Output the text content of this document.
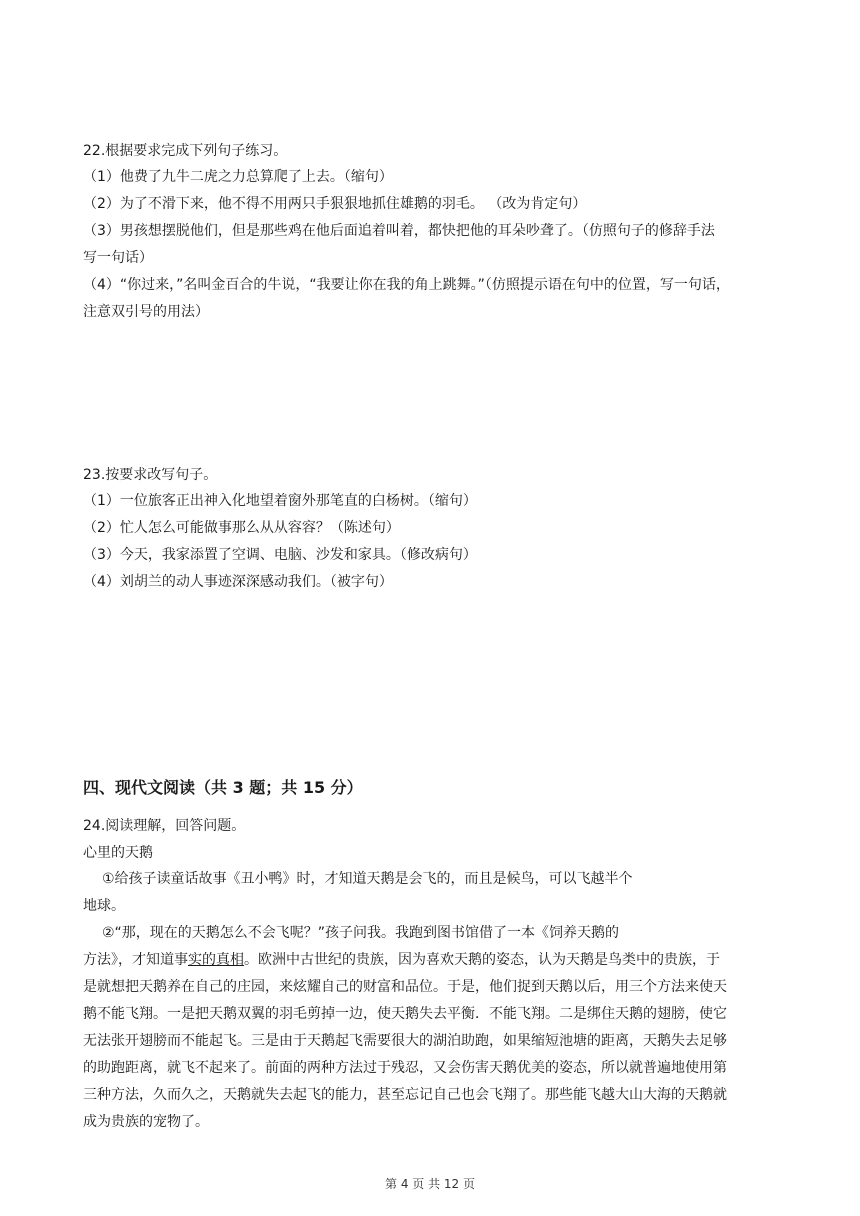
22.根据要求完成下列句子练习。
（1）他费了九牛二虎之力总算爬了上去。（缩句）
（2）为了不滑下来，他不得不用两只手狠狠地抓住雄鹅的羽毛。 （改为肯定句）
（3）男孩想摆脱他们，但是那些鸡在他后面追着叫着，都快把他的耳朵吵聋了。（仿照句子的修辞手法
写一句话）
（4）“你过来，”名叫金百合的牛说，“我要让你在我的角上跳舞。”（仿照提示语在句中的位置，写一句话，
注意双引号的用法）
23.按要求改写句子。
（1）一位旅客正出神入化地望着窗外那笔直的白杨树。（缩句）
（2）忙人怎么可能做事那么从从容容？（陈述句）
（3）今天，我家添置了空调、电脑、沙发和家具。（修改病句）
（4）刘胡兰的动人事迹深深感动我们。（被字句）
四、现代文阅读（共 3 题；共 15 分）
24.阅读理解，回答问题。
心里的天鹅
①给孩子读童话故事《丑小鸭》时，才知道天鹅是会飞的，而且是候鸟，可以飞越半个
地球。
②“那，现在的天鹅怎么不会飞呢？”孩子问我。我跑到图书馆借了一本《饲养天鹅的
方法》，才知道事实的真相。欧洲中古世纪的贵族，因为喜欢天鹅的姿态，认为天鹅是鸟类中的贵族，于
是就想把天鹅养在自己的庄园，来炫耀自己的财富和品位。于是，他们捉到天鹅以后，用三个方法来使天
鹅不能飞翔。一是把天鹅双翼的羽毛剪掉一边，使天鹅失去平衡．不能飞翔。二是绑住天鹅的翅膀，使它
无法张开翅膀而不能起飞。三是由于天鹅起飞需要很大的湖泊助跑，如果缩短池塘的距离，天鹅失去足够
的助跑距离，就飞不起来了。前面的两种方法过于残忍，又会伤害天鹅优美的姿态，所以就普遍地使用第
三种方法，久而久之，天鹅就失去起飞的能力，甚至忘记自己也会飞翔了。那些能飞越大山大海的天鹅就
成为贵族的宠物了。
第 4 页 共 12 页
